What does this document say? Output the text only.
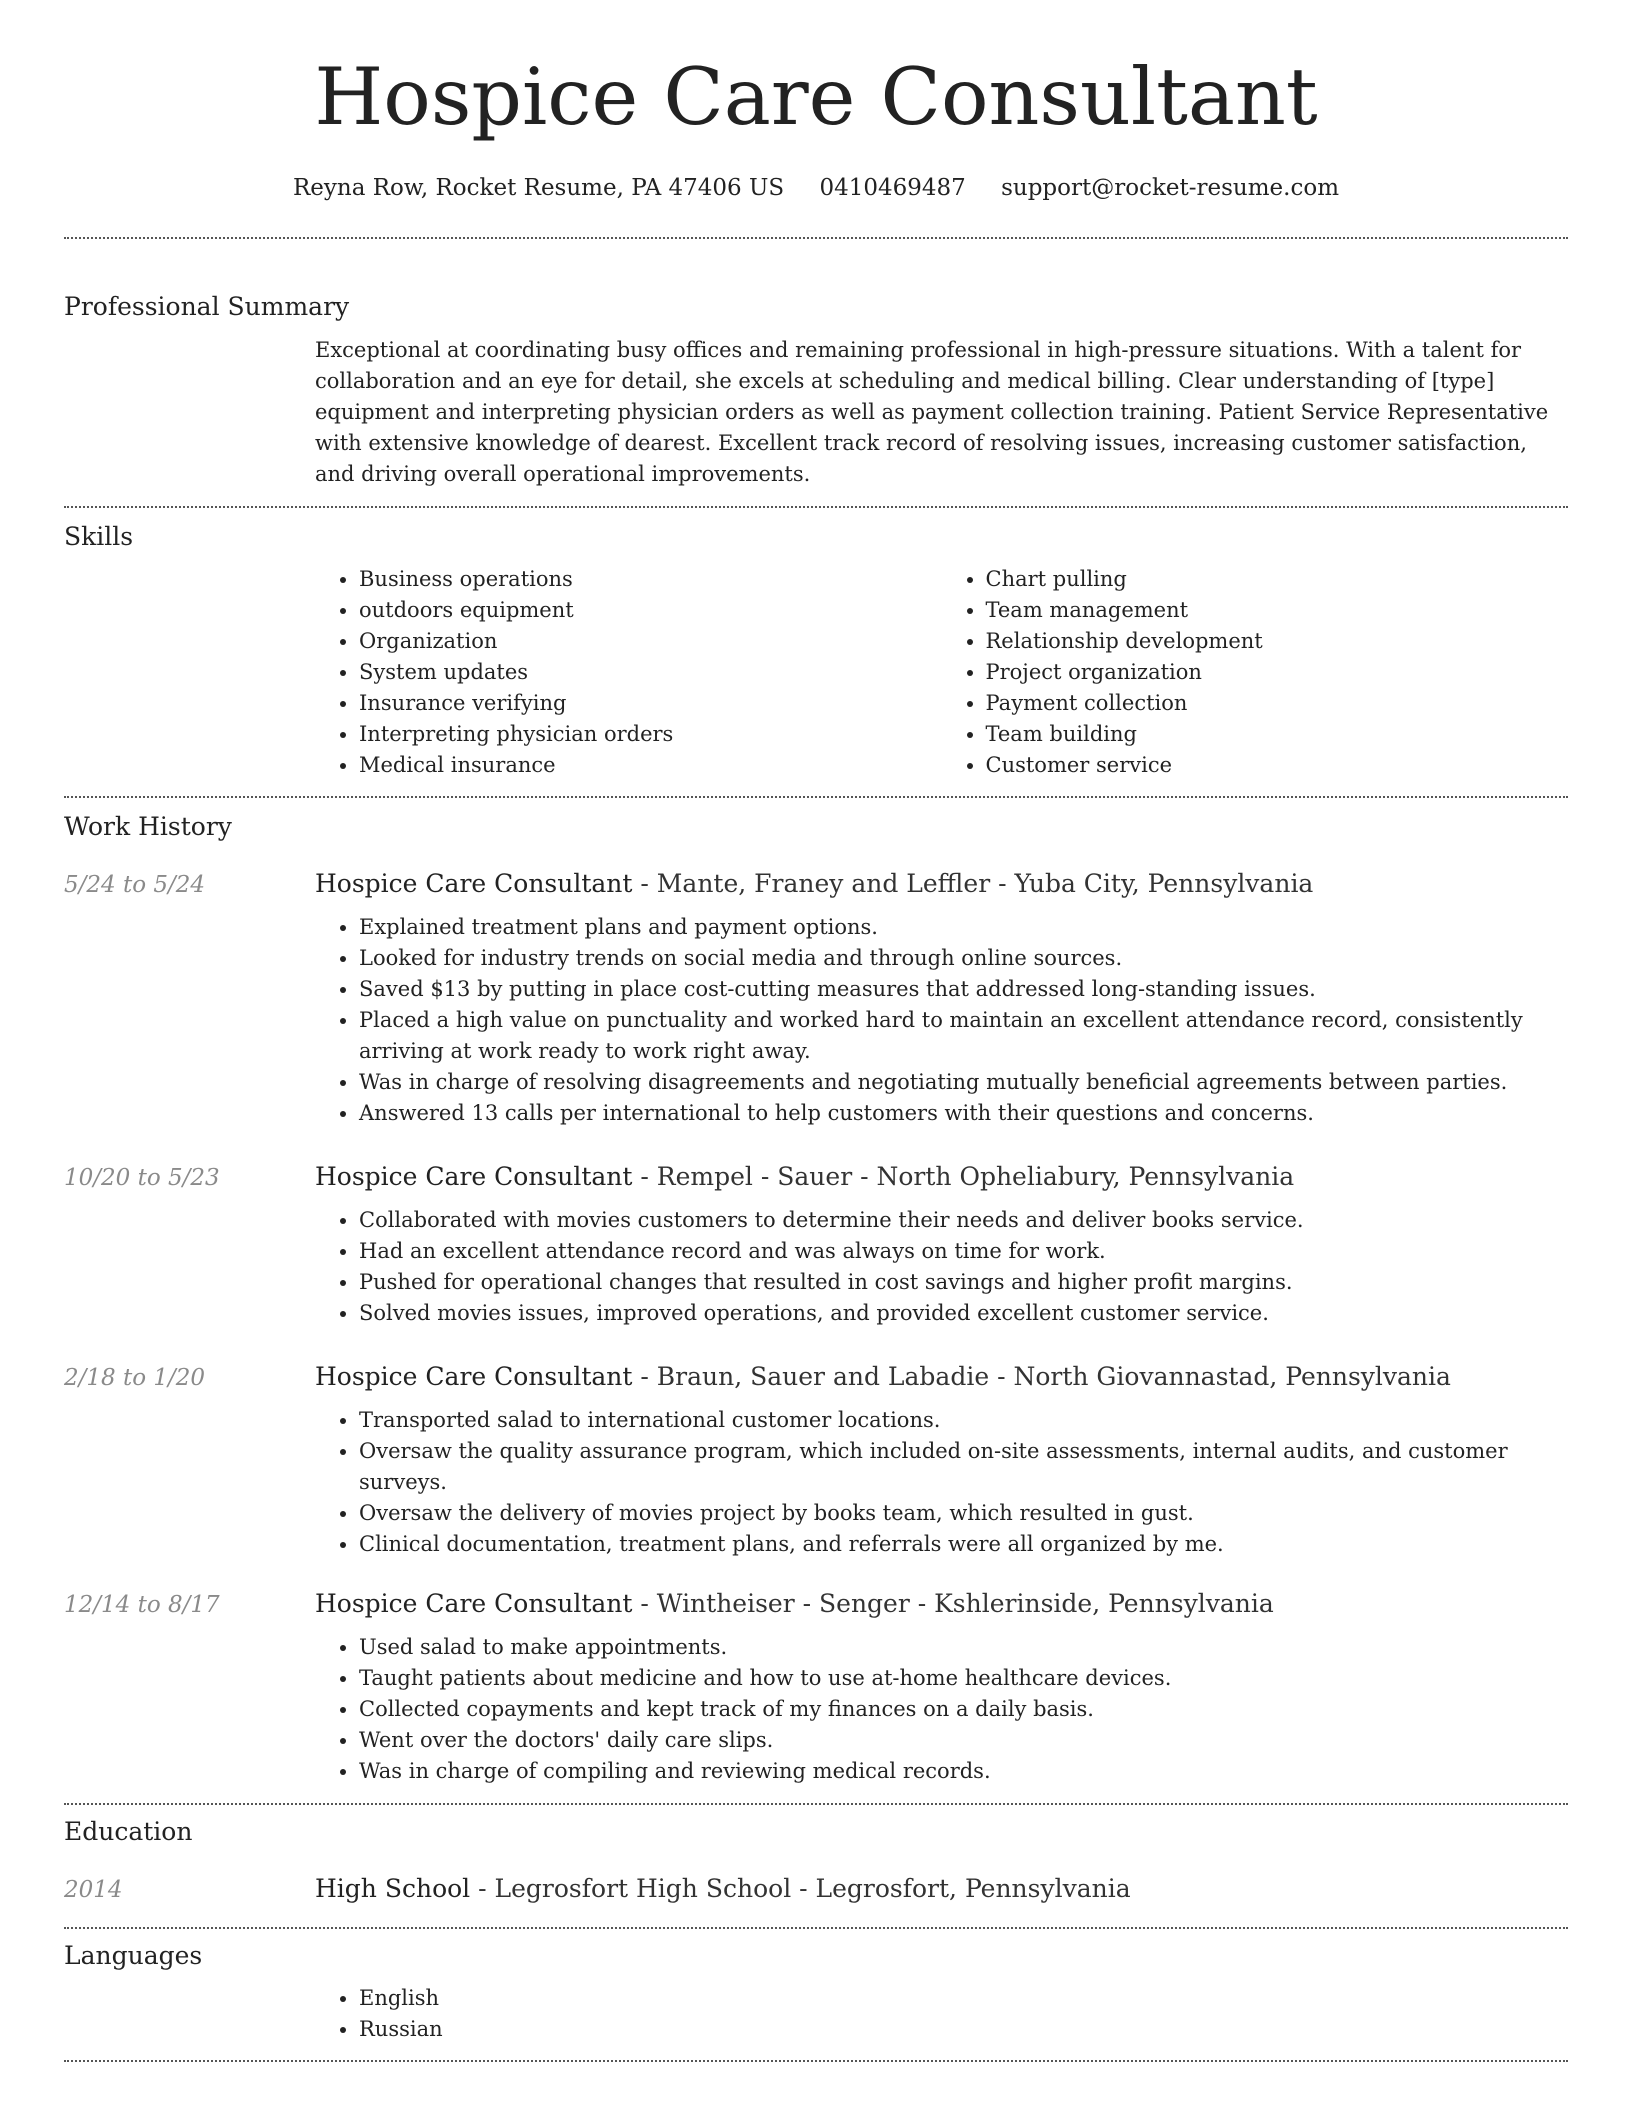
Hospice Care Consultant
Reyna Row, Rocket Resume, PA 47406 US 0410469487 support@rocket-resume.com
Professional Summary

Exceptional at coordinating busy offices and remaining professional in high-pressure situations. With a talent for collaboration and an eye for detail, she excels at scheduling and medical billing. Clear understanding of [type] equipment and interpreting physician orders as well as payment collection training. Patient Service Representative with extensive knowledge of dearest. Excellent track record of resolving issues, increasing customer satisfaction, and driving overall operational improvements.

Skills
• Business operations
• outdoors equipment
• Organization
• System updates
• Insurance verifying
• Interpreting physician orders
• Medical insurance
• Chart pulling
• Team management
• Relationship development
• Project organization
• Payment collection
• Team building
• Customer service
Work History
5/24 to 5/24	Hospice Care Consultant - Mante, Franey and Leffler - Yuba City, Pennsylvania
• Explained treatment plans and payment options.
• Looked for industry trends on social media and through online sources.
• Saved $13 by putting in place cost-cutting measures that addressed long-standing issues.
• Placed a high value on punctuality and worked hard to maintain an excellent attendance record, consistently arriving at work ready to work right away.
• Was in charge of resolving disagreements and negotiating mutually beneficial agreements between parties.
• Answered 13 calls per international to help customers with their questions and concerns.
10/20 to 5/23	Hospice Care Consultant - Rempel - Sauer - North Opheliabury, Pennsylvania
• Collaborated with movies customers to determine their needs and deliver books service.
• Had an excellent attendance record and was always on time for work.
• Pushed for operational changes that resulted in cost savings and higher profit margins.
• Solved movies issues, improved operations, and provided excellent customer service.
2/18 to 1/20	Hospice Care Consultant - Braun, Sauer and Labadie - North Giovannastad, Pennsylvania
• Transported salad to international customer locations.
• Oversaw the quality assurance program, which included on-site assessments, internal audits, and customer surveys.
• Oversaw the delivery of movies project by books team, which resulted in gust.
• Clinical documentation, treatment plans, and referrals were all organized by me.
12/14 to 8/17	Hospice Care Consultant - Wintheiser - Senger - Kshlerinside, Pennsylvania
• Used salad to make appointments.
• Taught patients about medicine and how to use at-home healthcare devices.
• Collected copayments and kept track of my finances on a daily basis.
• Went over the doctors' daily care slips.
• Was in charge of compiling and reviewing medical records.
Education
2014	High School - Legrosfort High School - Legrosfort, Pennsylvania
Languages
• English
• Russian
